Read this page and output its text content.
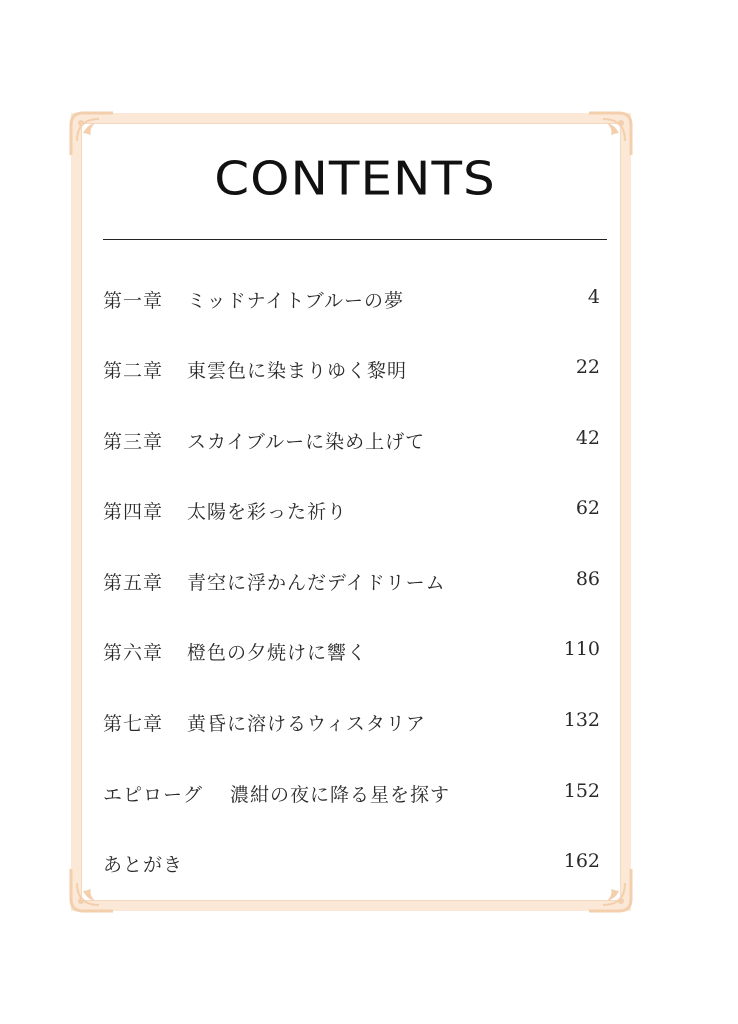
CONTENTS
第一章 ミッドナイトブルーの夢	4
第二章 東雲色に染まりゆく黎明	22
第三章 スカイブルーに染め上げて	42
第四章 太陽を彩った祈り	62
第五章 青空に浮かんだデイドリーム	86
第六章 橙色の夕焼けに響く	110
第七章 黄昏に溶けるウィスタリア	132
エピローグ 濃紺の夜に降る星を探す	152
あとがき	162
